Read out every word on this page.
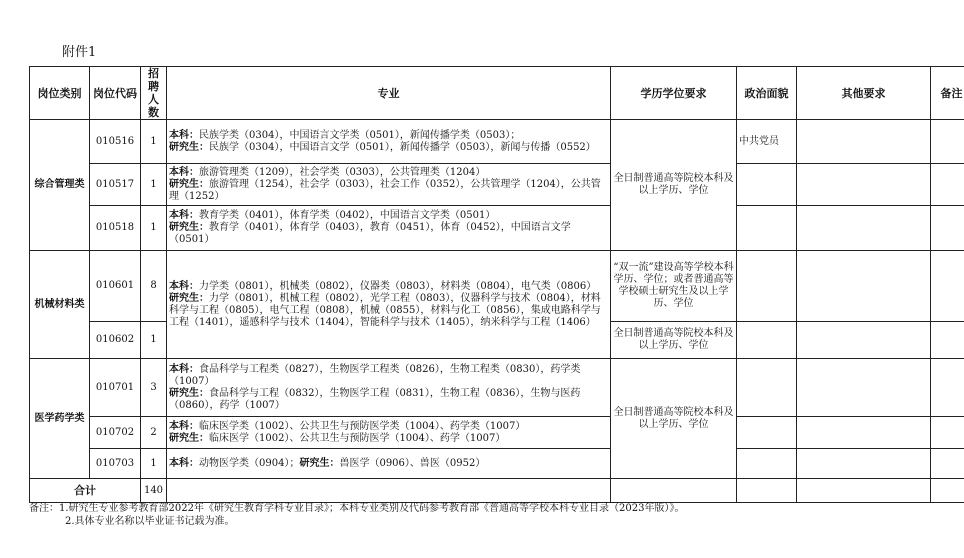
附件1
岗位类别	岗位代码	招聘人数	专业	学历学位要求	政治面貌	其他要求	备注
综合管理类	010516	1	本科：民族学类（0304），中国语言文学类（0501），新闻传播学类（0503）；
研究生：民族学（0304），中国语言文学（0501），新闻传播学（0503），新闻与传播（0552）	全日制普通高等院校本科及以上学历、学位	中共党员		
	010517	1	本科：旅游管理类（1209），社会学类（0303），公共管理类（1204）
研究生：旅游管理（1254），社会学（0303），社会工作（0352），公共管理学（1204），公共管理（1252）				

	010518	1	本科：教育学类（0401），体育学类（0402），中国语言文学类（0501）
研究生：教育学（0401），体育学（0403），教育（0451），体育（0452），中国语言文学（0501）				

机械材料类	010601	8	本科：力学类（0801），机械类（0802），仪器类（0803），材料类（0804），电气类（0806）
研究生：力学（0801），机械工程（0802），光学工程（0803），仪器科学与技术（0804），材料科学与工程（0805），电气工程（0808），机械（0855），材料与化工（0856），集成电路科学与工程（1401），遥感科学与技术（1404），智能科学与技术（1405），纳米科学与工程（1406）	“双一流”建设高等学校本科学历、学位；或者普通高等学校硕士研究生及以上学历、学位			
	010602	1		全日制普通高等院校本科及以上学历、学位			
医学药学类	010701	3	本科：食品科学与工程类（0827），生物医学工程类（0826），生物工程类（0830），药学类（1007）
研究生：食品科学与工程（0832），生物医学工程（0831），生物工程（0836），生物与医药（0860），药学（1007）	全日制普通高等院校本科及以上学历、学位			
	010702	2	本科：临床医学类（1002）、公共卫生与预防医学类（1004）、药学类（1007）
研究生：临床医学（1002）、公共卫生与预防医学（1004）、药学（1007）				

	010703	1	本科：动物医学类（0904）；研究生：兽医学（0906）、兽医（0952）				

合计		140					
备注：1.研究生专业参考教育部2022年《研究生教育学科专业目录》；本科专业类别及代码参考教育部《普通高等学校本科专业目录（2023年版）》。
2.具体专业名称以毕业证书记载为准。
